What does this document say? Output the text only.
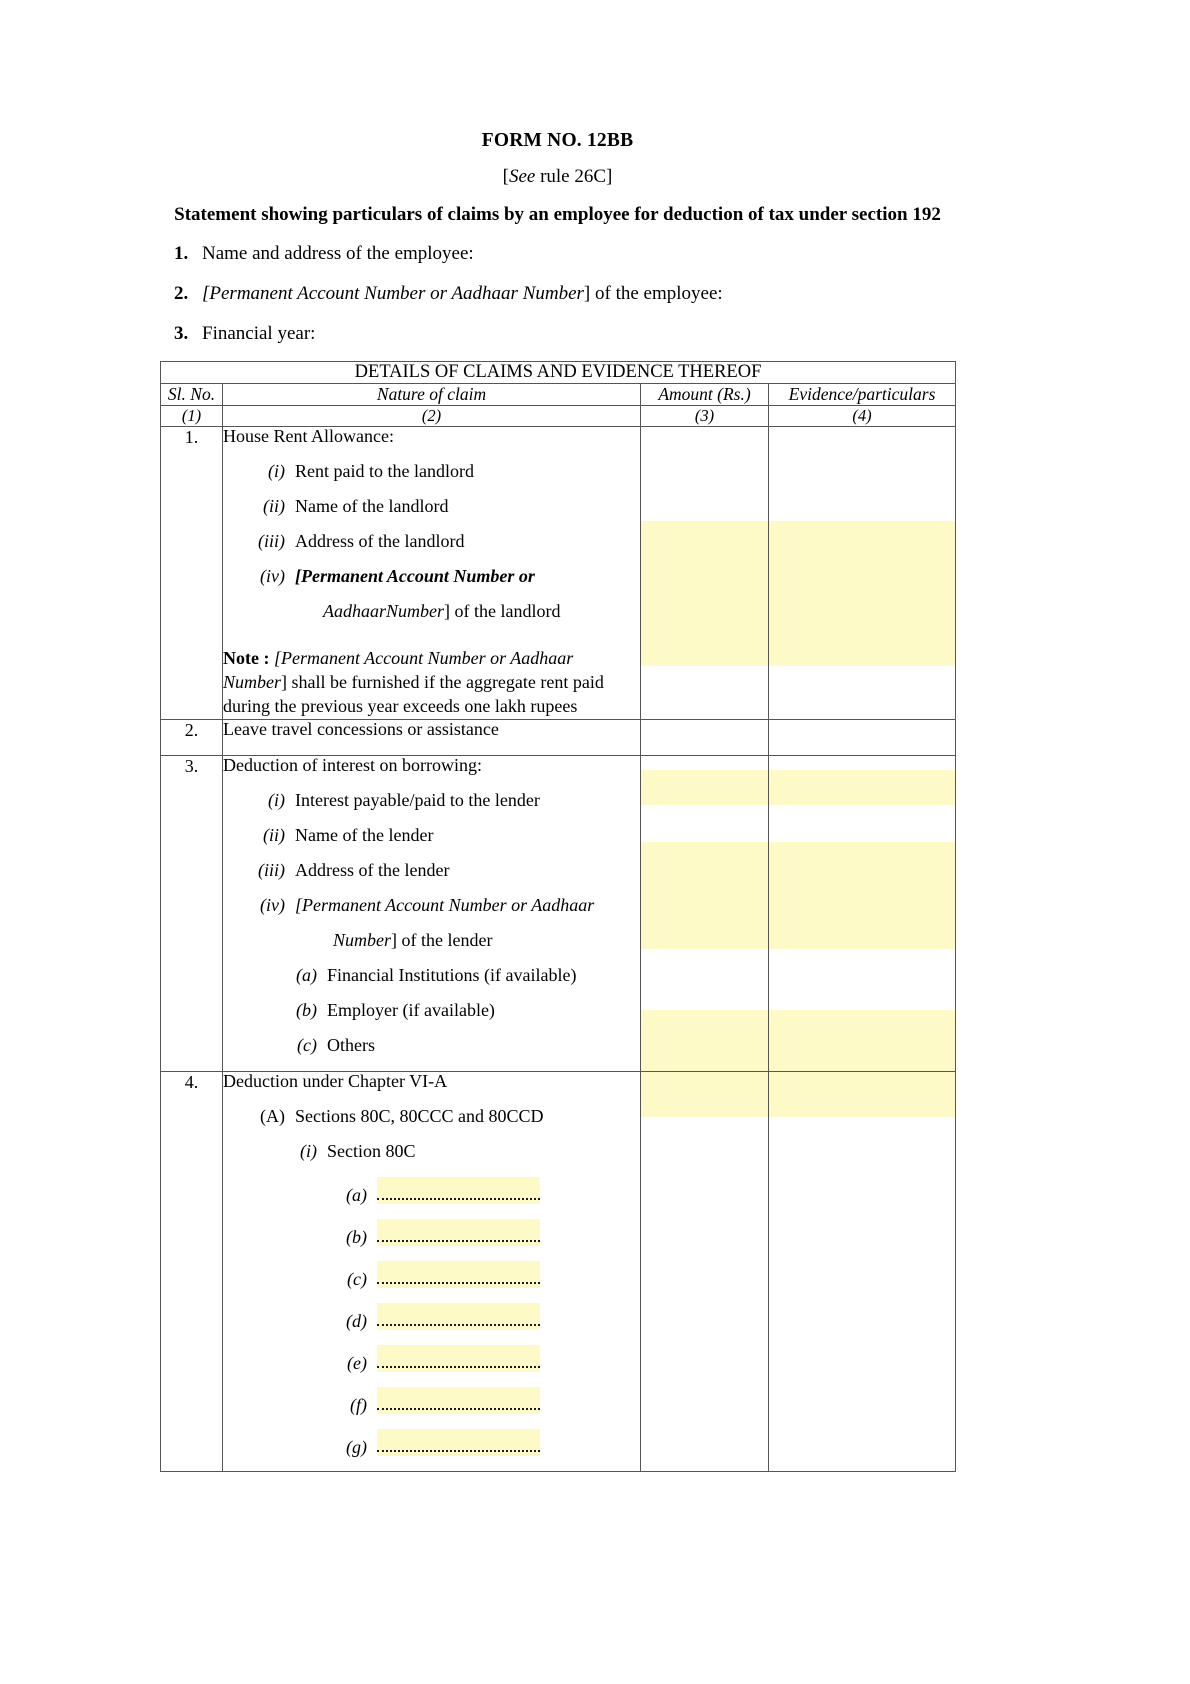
FORM NO. 12BB
[See rule 26C]
Statement showing particulars of claims by an employee for deduction of tax under section 192
1. Name and address of the employee:
2. [Permanent Account Number or Aadhaar Number] of the employee:
3. Financial year:
DETAILS OF CLAIMS AND EVIDENCE THEREOF			
Sl. No.	Nature of claim	Amount (Rs.)	Evidence/particulars
(1)	(2)	(3)	(4)
1.	House Rent Allowance:
(i) Rent paid to the landlord
(ii) Name of the landlord
(iii) Address of the landlord
(iv) [Permanent Account Number or
AadhaarNumber] of the landlord
Note : [Permanent Account Number or Aadhaar Number] shall be furnished if the aggregate rent paid during the previous year exceeds one lakh rupees

2.	Leave travel concessions or assistance		

3.	Deduction of interest on borrowing:
(i) Interest payable/paid to the lender
(ii) Name of the lender
(iii) Address of the lender
(iv) [Permanent Account Number or Aadhaar
Number] of the lender
(a) Financial Institutions (if available)
(b) Employer (if available)
(c) Others

4.	Deduction under Chapter VI-A
(A) Sections 80C, 80CCC and 80CCD
(i) Section 80C
(a)
(b)
(c)
(d)
(e)
(f)
(g)
